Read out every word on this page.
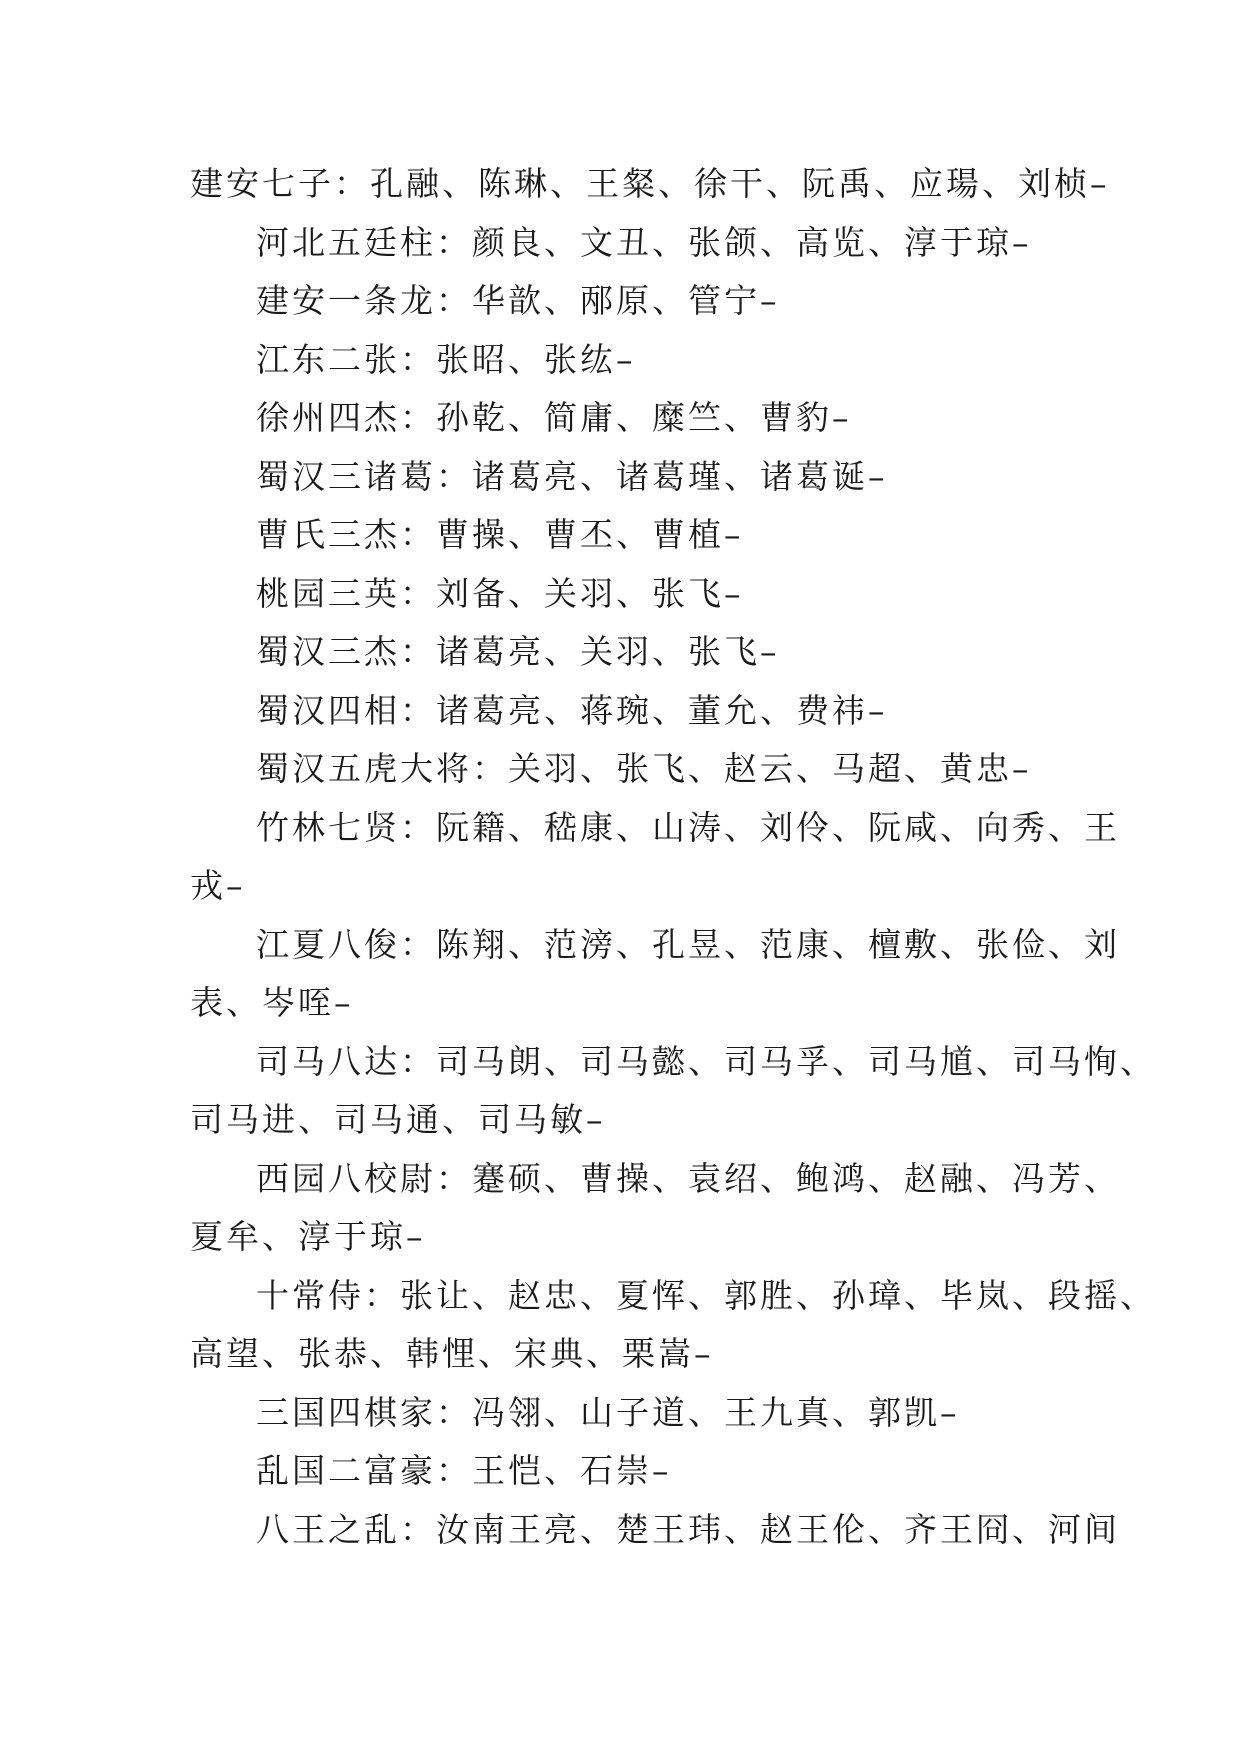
建安七子：孔融、陈琳、王粲、徐干、阮禹、应瑒、刘桢–
河北五廷柱：颜良、文丑、张颌、高览、淳于琼–
建安一条龙：华歆、邴原、管宁–
江东二张：张昭、张纮–
徐州四杰：孙乾、简庸、糜竺、曹豹–
蜀汉三诸葛：诸葛亮、诸葛瑾、诸葛诞–
曹氏三杰：曹操、曹丕、曹植–
桃园三英：刘备、关羽、张飞–
蜀汉三杰：诸葛亮、关羽、张飞–
蜀汉四相：诸葛亮、蒋琬、董允、费祎–
蜀汉五虎大将：关羽、张飞、赵云、马超、黄忠–
竹林七贤：阮籍、嵇康、山涛、刘伶、阮咸、向秀、王
戎–
江夏八俊：陈翔、范滂、孔昱、范康、檀敷、张俭、刘
表、岑咥–
司马八达：司马朗、司马懿、司马孚、司马馗、司马恂、
司马进、司马通、司马敏–
西园八校尉：蹇硕、曹操、袁绍、鲍鸿、赵融、冯芳、
夏牟、淳于琼–
十常侍：张让、赵忠、夏恽、郭胜、孙璋、毕岚、段摇、
高望、张恭、韩悝、宋典、栗嵩–
三国四棋家：冯翎、山子道、王九真、郭凯–
乱国二富豪：王恺、石崇–
八王之乱：汝南王亮、楚王玮、赵王伦、齐王冏、河间
